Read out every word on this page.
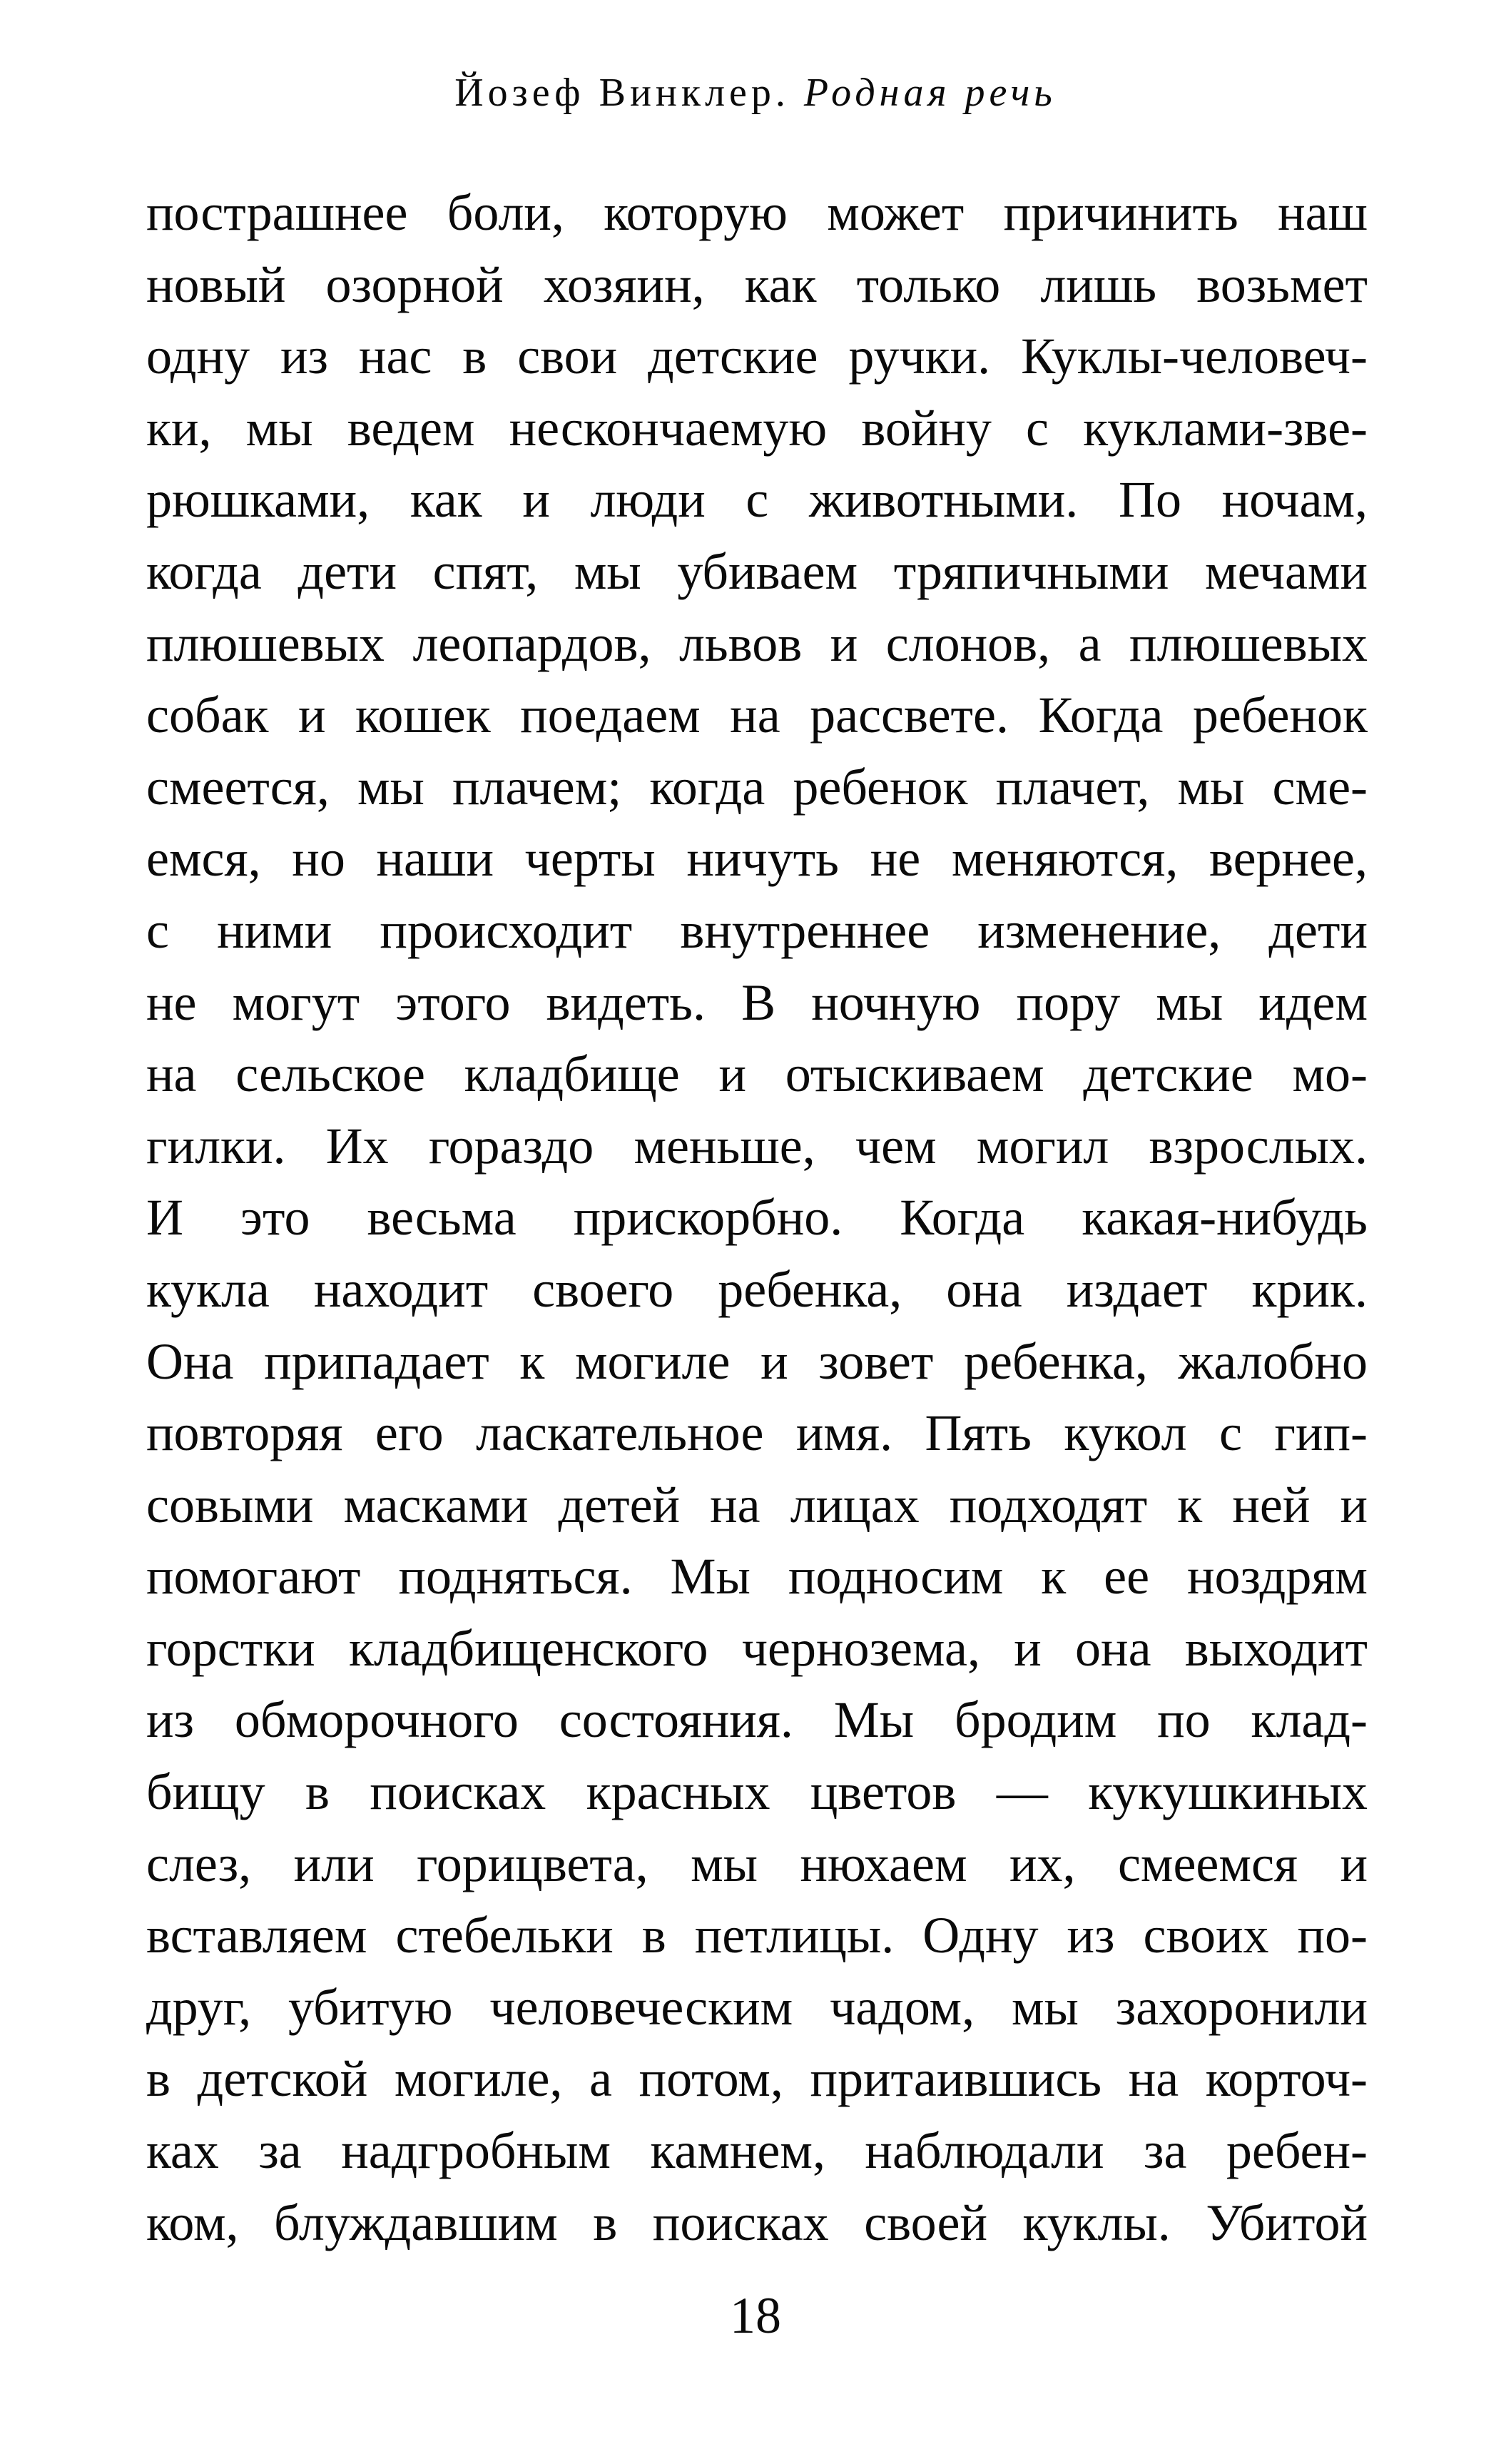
Йозеф Винклер. Родная речь
пострашнее боли, которую может причинить наш
новый озорной хозяин, как только лишь возьмет
одну из нас в свои детские ручки. Куклы-человеч-
ки, мы ведем нескончаемую войну с куклами-зве-
рюшками, как и люди с животными. По ночам,
когда дети спят, мы убиваем тряпичными мечами
плюшевых леопардов, львов и слонов, а плюшевых
собак и кошек поедаем на рассвете. Когда ребенок
смеется, мы плачем; когда ребенок плачет, мы сме-
емся, но наши черты ничуть не меняются, вернее,
с ними происходит внутреннее изменение, дети
не могут этого видеть. В ночную пору мы идем
на сельское кладбище и отыскиваем детские мо-
гилки. Их гораздо меньше, чем могил взрослых.
И это весьма прискорбно. Когда какая-нибудь
кукла находит своего ребенка, она издает крик.
Она припадает к могиле и зовет ребенка, жалобно
повторяя его ласкательное имя. Пять кукол с гип-
совыми масками детей на лицах подходят к ней и
помогают подняться. Мы подносим к ее ноздрям
горстки кладбищенского чернозема, и она выходит
из обморочного состояния. Мы бродим по клад-
бищу в поисках красных цветов — кукушкиных
слез, или горицвета, мы нюхаем их, смеемся и
вставляем стебельки в петлицы. Одну из своих по-
друг, убитую человеческим чадом, мы захоронили
в детской могиле, а потом, притаившись на корточ-
ках за надгробным камнем, наблюдали за ребен-
ком, блуждавшим в поисках своей куклы. Убитой
18
